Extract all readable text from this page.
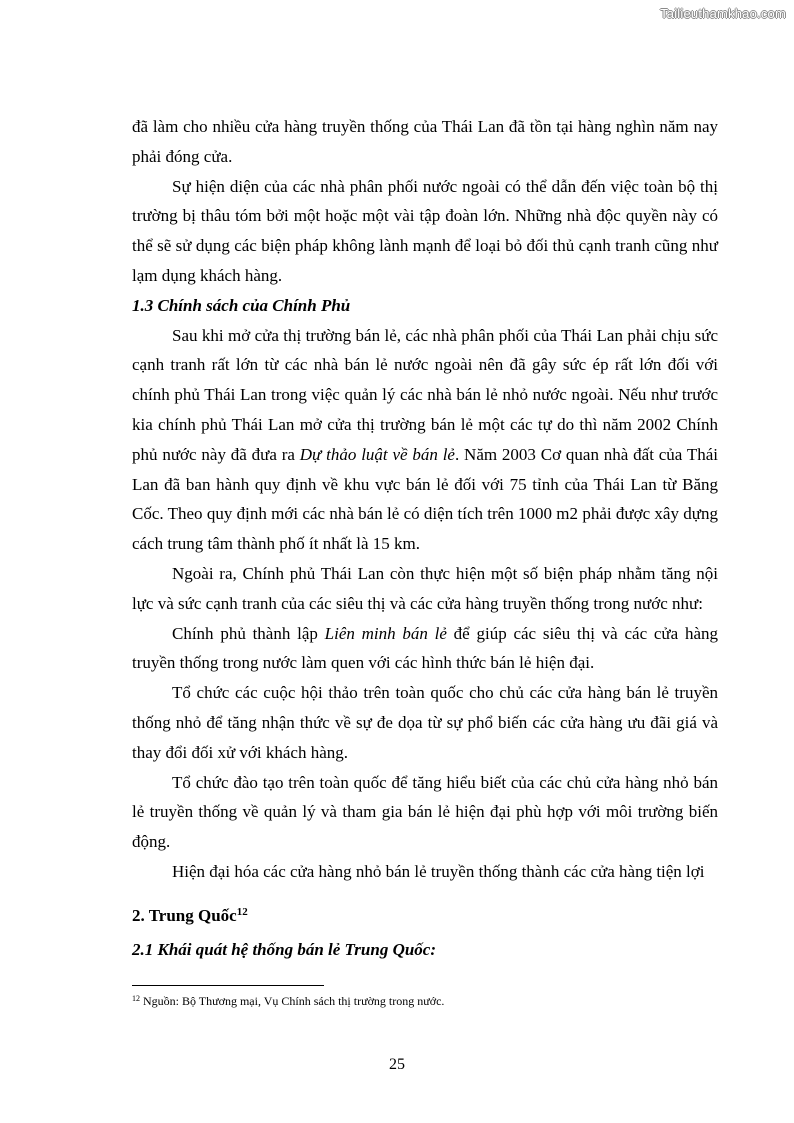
Tailieuthamkhao.com

đã làm cho nhiều cửa hàng truyền thống của Thái Lan đã tồn tại hàng nghìn năm nay phải đóng cửa.

Sự hiện diện của các nhà phân phối nước ngoài có thể dẫn đến việc toàn bộ thị trường bị thâu tóm bởi một hoặc một vài tập đoàn lớn. Những nhà độc quyền này có thể sẽ sử dụng các biện pháp không lành mạnh để loại bỏ đối thủ cạnh tranh cũng như lạm dụng khách hàng.

1.3 Chính sách của Chính Phủ

Sau khi mở cửa thị trường bán lẻ, các nhà phân phối của Thái Lan phải chịu sức cạnh tranh rất lớn từ các nhà bán lẻ nước ngoài nên đã gây sức ép rất lớn đối với chính phủ Thái Lan trong việc quản lý các nhà bán lẻ nhỏ nước ngoài. Nếu như trước kia chính phủ Thái Lan mở cửa thị trường bán lẻ một các tự do thì năm 2002 Chính phủ nước này đã đưa ra Dự thảo luật về bán lẻ. Năm 2003 Cơ quan nhà đất của Thái Lan đã ban hành quy định về khu vực bán lẻ đối với 75 tỉnh của Thái Lan từ Băng Cốc. Theo quy định mới các nhà bán lẻ có diện tích trên 1000 m2 phải được xây dựng cách trung tâm thành phố ít nhất là 15 km.

Ngoài ra, Chính phủ Thái Lan còn thực hiện một số biện pháp nhằm tăng nội lực và sức cạnh tranh của các siêu thị và các cửa hàng truyền thống trong nước như:

Chính phủ thành lập Liên minh bán lẻ để giúp các siêu thị và các cửa hàng truyền thống trong nước làm quen với các hình thức bán lẻ hiện đại.

Tổ chức các cuộc hội thảo trên toàn quốc cho chủ các cửa hàng bán lẻ truyền thống nhỏ để tăng nhận thức về sự đe dọa từ sự phổ biến các cửa hàng ưu đãi giá và thay đổi đối xử với khách hàng.

Tổ chức đào tạo trên toàn quốc để tăng hiểu biết của các chủ cửa hàng nhỏ bán lẻ truyền thống về quản lý và tham gia bán lẻ hiện đại phù hợp với môi trường biến động.

Hiện đại hóa các cửa hàng nhỏ bán lẻ truyền thống thành các cửa hàng tiện lợi

2. Trung Quốc$^{12}$

2.1 Khái quát hệ thống bán lẻ Trung Quốc:

$^{12}$ Nguồn: Bộ Thương mại, Vụ Chính sách thị trường trong nước.
25
